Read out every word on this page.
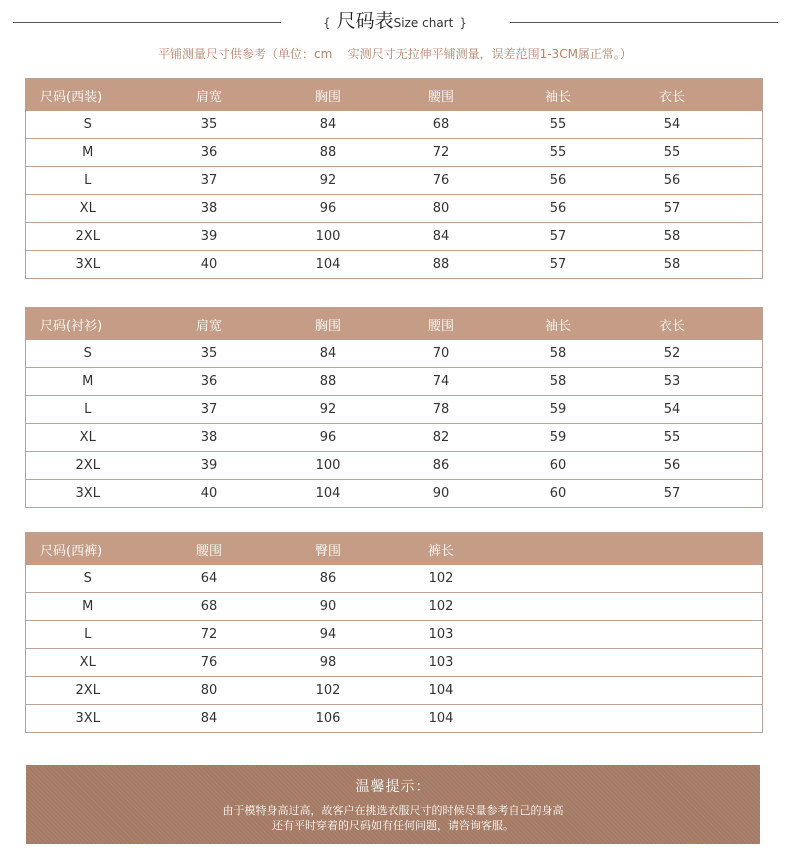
{ 尺码表Size chart }
平铺测量尺寸供参考（单位：cm    实测尺寸无拉伸平铺测量，误差范围1-3CM属正常。）
尺码(西装)	肩宽	胸围	腰围	袖长	衣长	
S	35	84	68	55	54	
M	36	88	72	55	55	
L	37	92	76	56	56	
XL	38	96	80	56	57	
2XL	39	100	84	57	58	
3XL	40	104	88	57	58	
尺码(衬衫)	肩宽	胸围	腰围	袖长	衣长	
S	35	84	70	58	52	
M	36	88	74	58	53	
L	37	92	78	59	54	
XL	38	96	82	59	55	
2XL	39	100	86	60	56	
3XL	40	104	90	60	57	
尺码(西裤)	腰围	臀围	裤长			
S	64	86	102			
M	68	90	102			
L	72	94	103			
XL	76	98	103			
2XL	80	102	104			
3XL	84	106	104			
温馨提示：
由于模特身高过高，故客户在挑选衣服尺寸的时候尽量参考自己的身高
还有平时穿着的尺码如有任何问题，请咨询客服。
